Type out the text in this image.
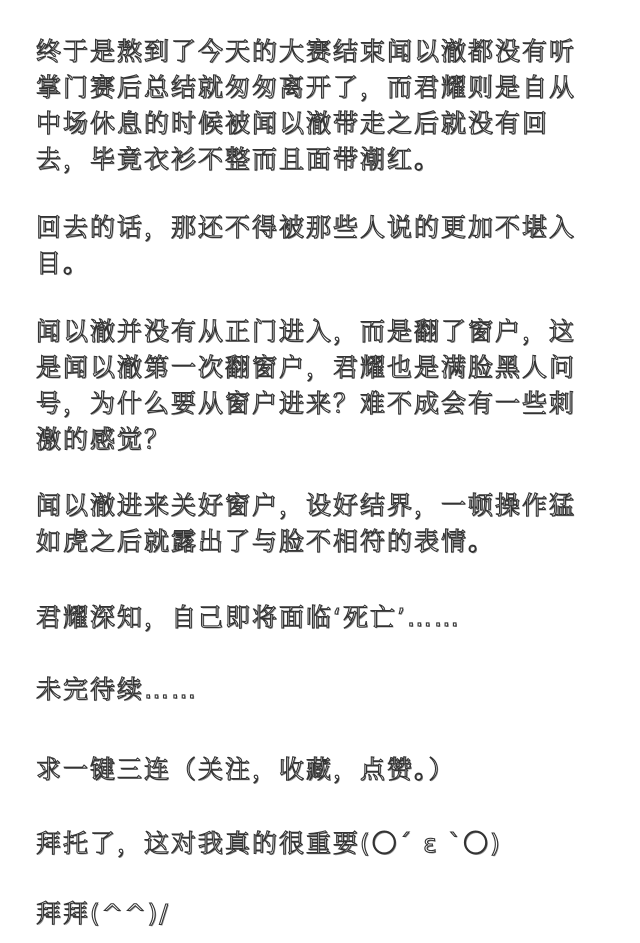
终于是熬到了今天的大赛结束闻以澈都没有听掌门赛后总结就匆匆离开了，而君耀则是自从中场休息的时候被闻以澈带走之后就没有回去，毕竟衣衫不整而且面带潮红。

回去的话，那还不得被那些人说的更加不堪入目。

闻以澈并没有从正门进入，而是翻了窗户，这是闻以澈第一次翻窗户，君耀也是满脸黑人问号，为什么要从窗户进来？难不成会有一些刺激的感觉？

闻以澈进来关好窗户，设好结界，一顿操作猛如虎之后就露出了与脸不相符的表情。

君耀深知，自己即将面临‘死亡’……

未完待续……

求一键三连（关注，收藏，点赞。）

拜托了，这对我真的很重要(〇ˊ ε ˋ〇)

拜拜(^^)/
